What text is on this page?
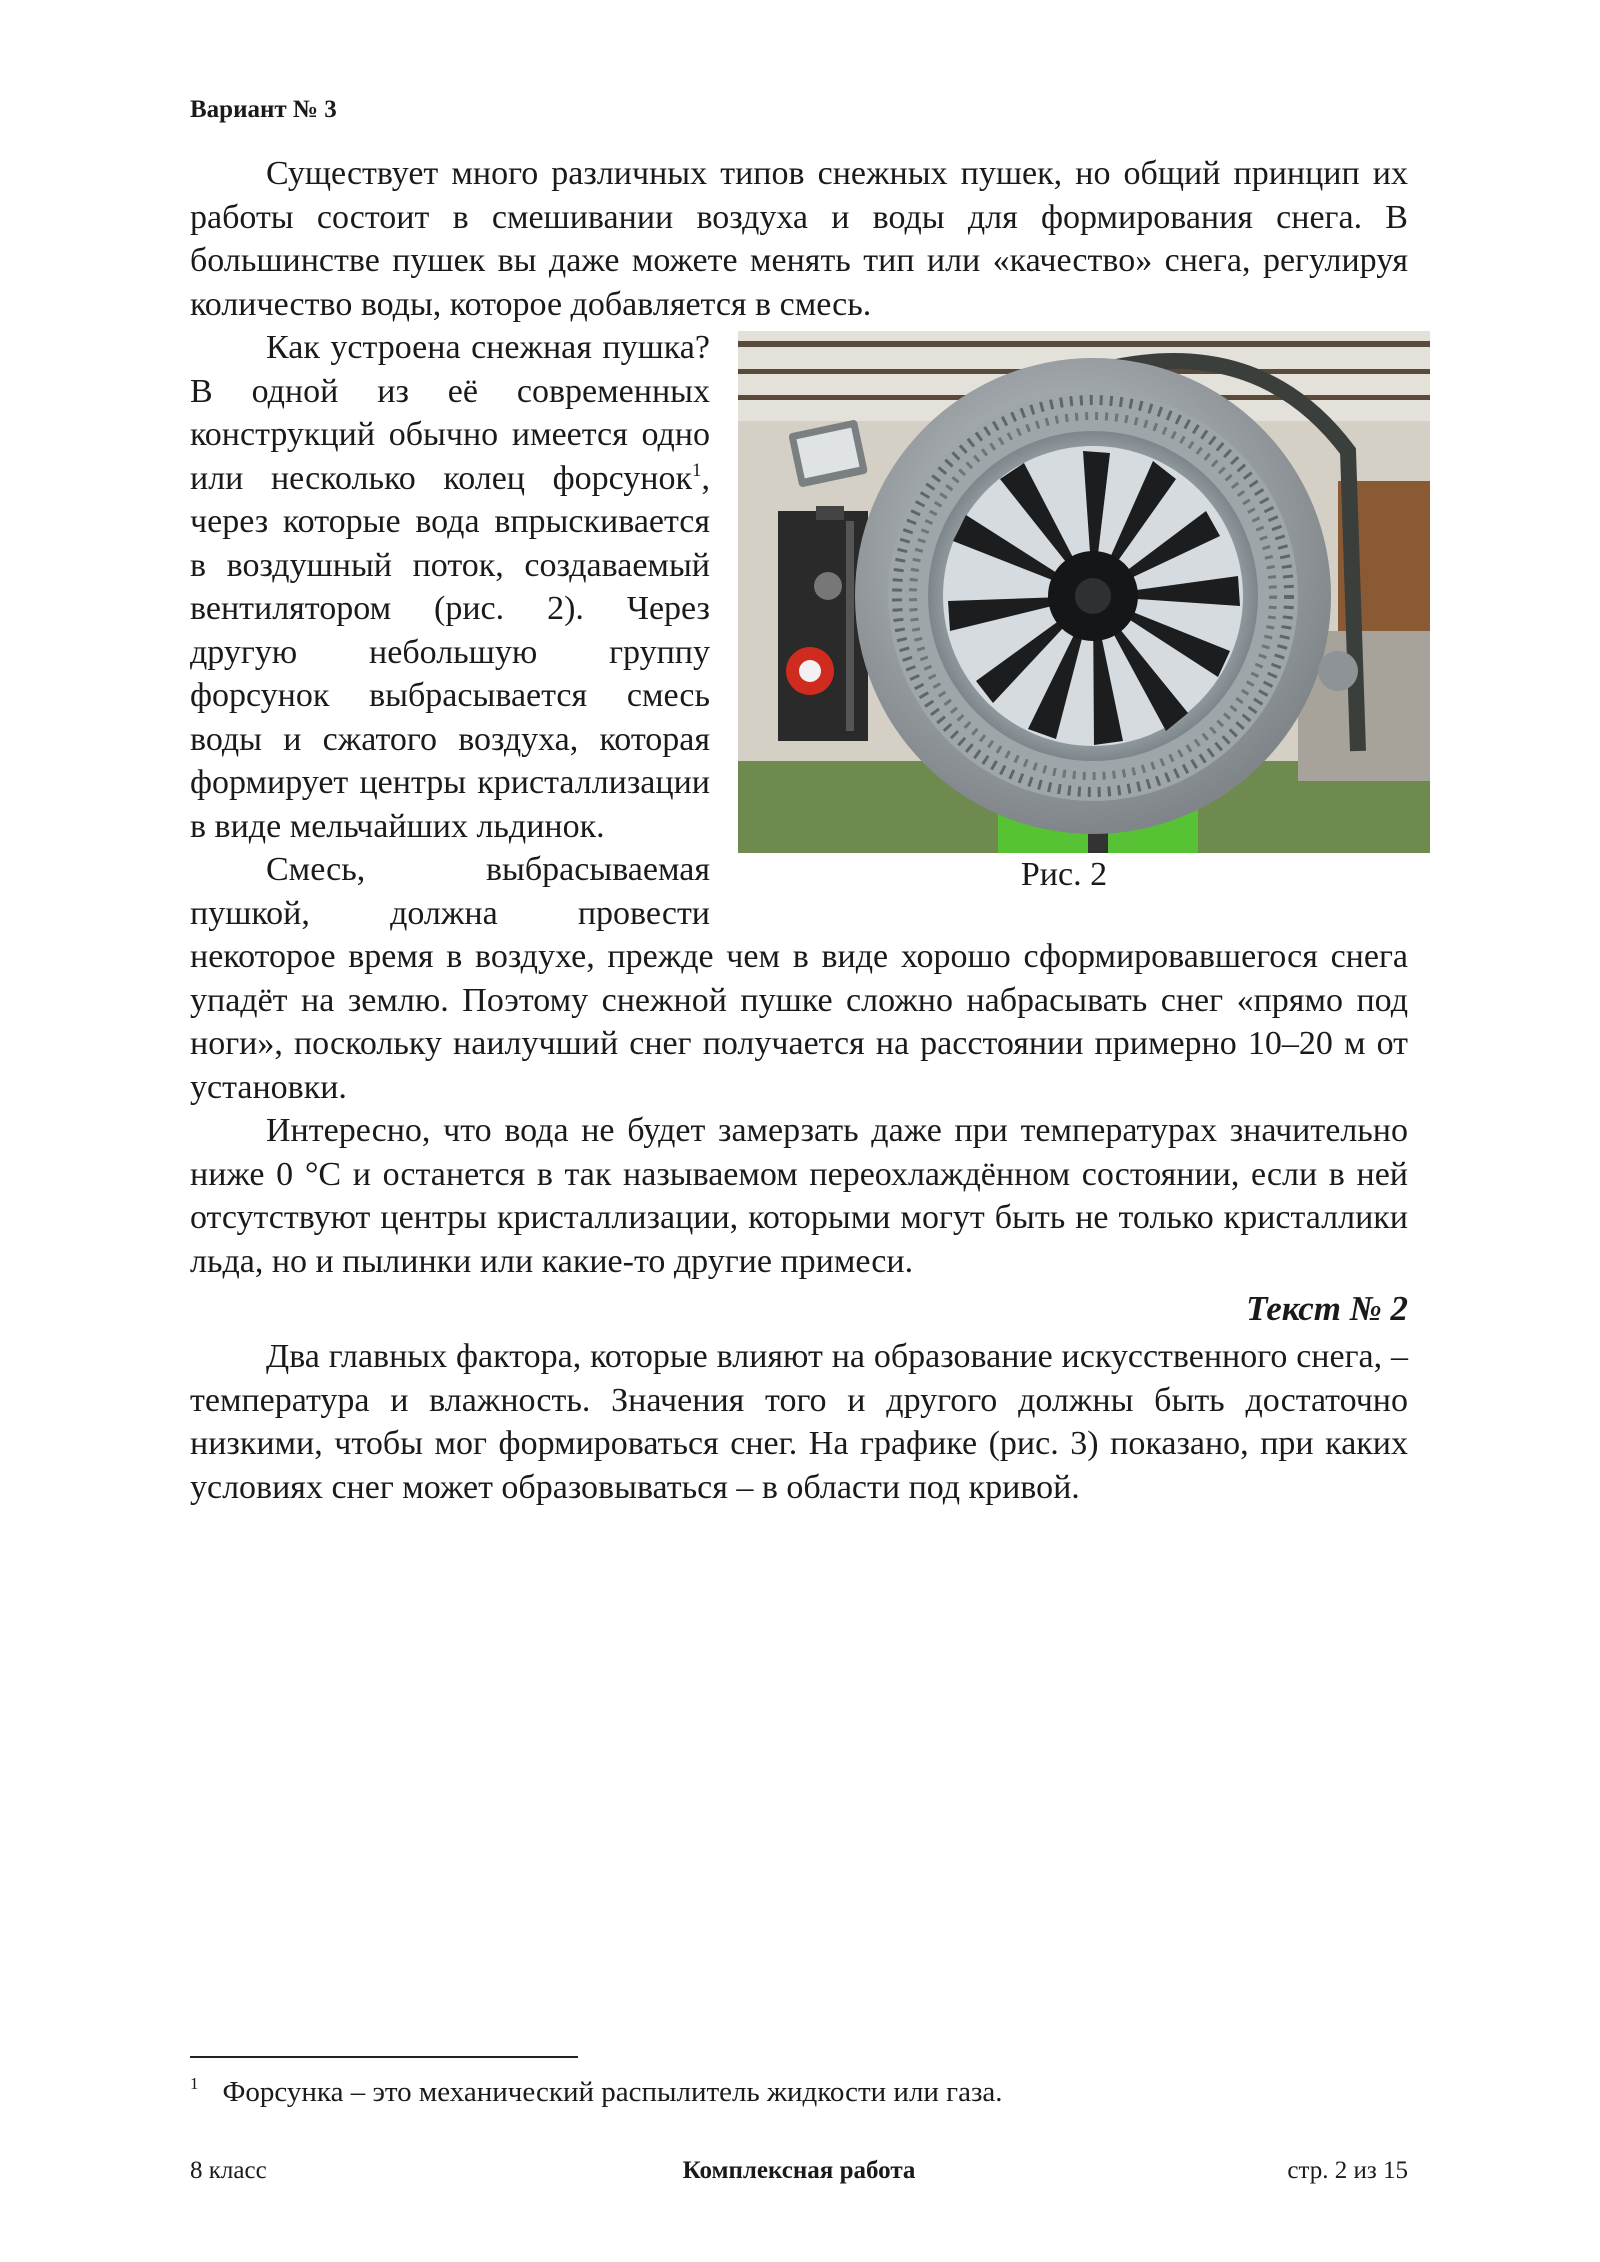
Вариант № 3

Существует много различных типов снежных пушек, но общий принцип их работы состоит в смешивании воздуха и воды для формирования снега. В большинстве пушек вы даже можете менять тип или «качество» снега, регулируя количество воды, которое добавляется в смесь.

Рис. 2

Как устроена снежная пушка? В одной из её современных конструкций обычно имеется одно или несколько колец форсунок$^1$, через которые вода впрыскивается в воздушный поток, создаваемый вентилятором (рис. 2). Через другую небольшую группу форсунок выбрасывается смесь воды и сжатого воздуха, которая формирует центры кристаллизации в виде мельчайших льдинок.

Смесь, выбрасываемая пушкой, должна провести некоторое время в воздухе, прежде чем в виде хорошо сформировавшегося снега упадёт на землю. Поэтому снежной пушке сложно набрасывать снег «прямо под ноги», поскольку наилучший снег получается на расстоянии примерно 10–20 м от установки.

Интересно, что вода не будет замерзать даже при температурах значительно ниже 0 °С и останется в так называемом переохлаждённом состоянии, если в ней отсутствуют центры кристаллизации, которыми могут быть не только кристаллики льда, но и пылинки или какие-то другие примеси.

Текст № 2

Два главных фактора, которые влияют на образование искусственного снега, – температура и влажность. Значения того и другого должны быть достаточно низкими, чтобы мог формироваться снег. На графике (рис. 3) показано, при каких условиях снег может образовываться – в области под кривой.

$^1$ Форсунка – это механический распылитель жидкости или газа.
8 класс	Комплексная работа	стр. 2 из 15
